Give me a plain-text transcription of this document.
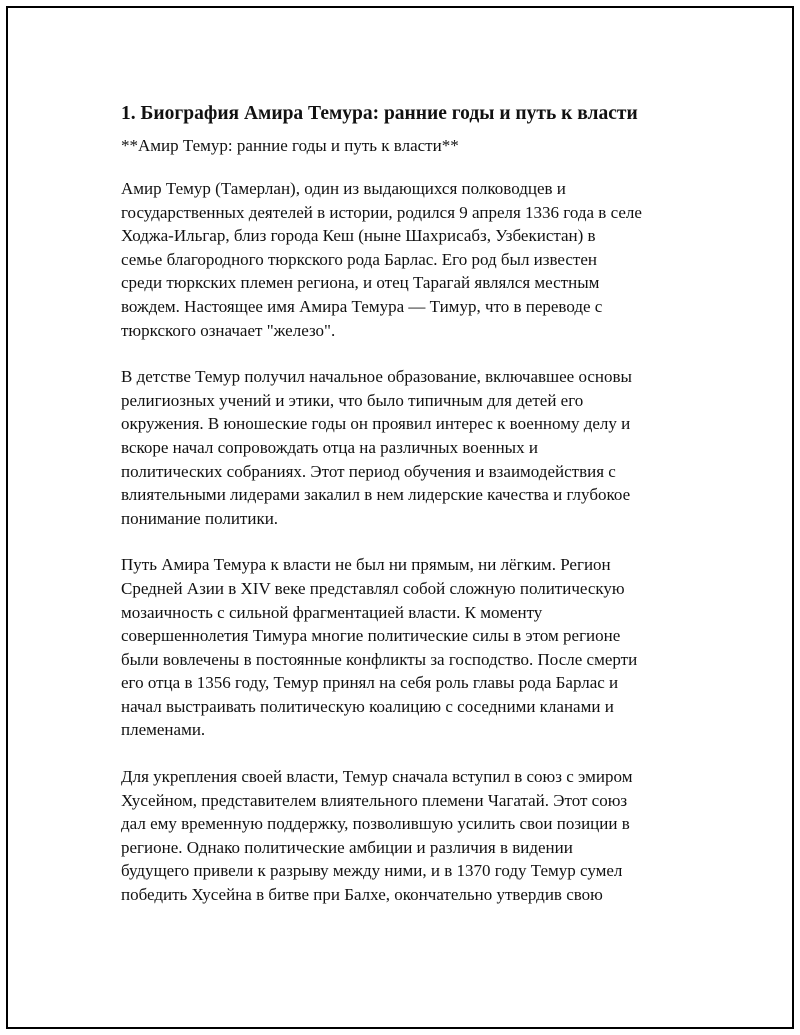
1. Биография Амира Темура: ранние годы и путь к власти
**Амир Темур: ранние годы и путь к власти**

Амир Темур (Тамерлан), один из выдающихся полководцев и
государственных деятелей в истории, родился 9 апреля 1336 года в селе
Ходжа-Ильгар, близ города Кеш (ныне Шахрисабз, Узбекистан) в
семье благородного тюркского рода Барлас. Его род был известен
среди тюркских племен региона, и отец Тарагай являлся местным
вождем. Настоящее имя Амира Темура — Тимур, что в переводе с
тюркского означает "железо".

В детстве Темур получил начальное образование, включавшее основы
религиозных учений и этики, что было типичным для детей его
окружения. В юношеские годы он проявил интерес к военному делу и
вскоре начал сопровождать отца на различных военных и
политических собраниях. Этот период обучения и взаимодействия с
влиятельными лидерами закалил в нем лидерские качества и глубокое
понимание политики.

Путь Амира Темура к власти не был ни прямым, ни лёгким. Регион
Средней Азии в XIV веке представлял собой сложную политическую
мозаичность с сильной фрагментацией власти. К моменту
совершеннолетия Тимура многие политические силы в этом регионе
были вовлечены в постоянные конфликты за господство. После смерти
его отца в 1356 году, Темур принял на себя роль главы рода Барлас и
начал выстраивать политическую коалицию с соседними кланами и
племенами.

Для укрепления своей власти, Темур сначала вступил в союз с эмиром
Хусейном, представителем влиятельного племени Чагатай. Этот союз
дал ему временную поддержку, позволившую усилить свои позиции в
регионе. Однако политические амбиции и различия в видении
будущего привели к разрыву между ними, и в 1370 году Темур сумел
победить Хусейна в битве при Балхе, окончательно утвердив свою
